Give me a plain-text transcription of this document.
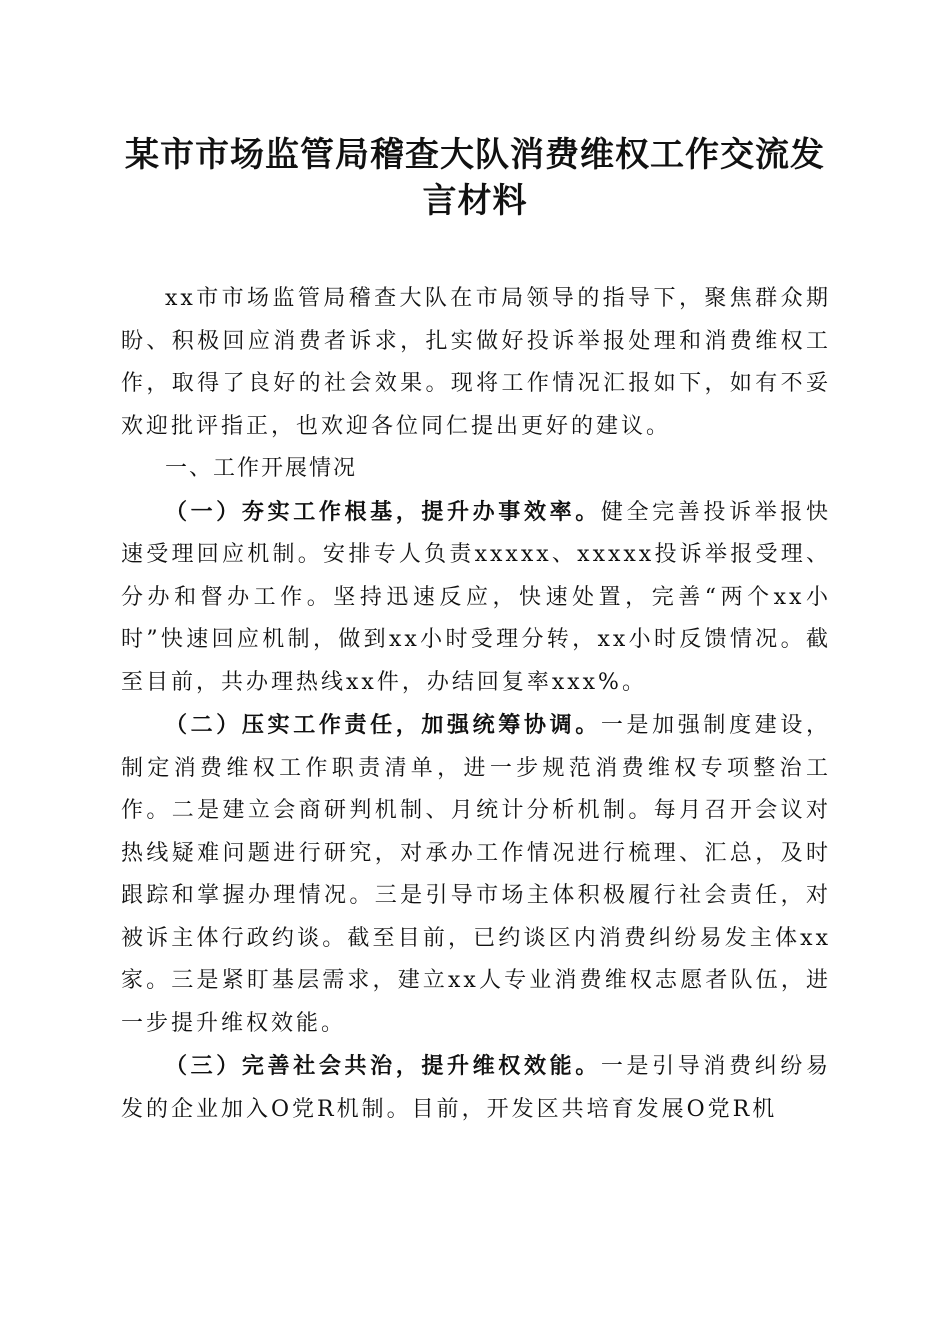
某市市场监管局稽查大队消费维权工作交流发言材料

xx市市场监管局稽查大队在市局领导的指导下，聚焦群众期盼、积极回应消费者诉求，扎实做好投诉举报处理和消费维权工作，取得了良好的社会效果。现将工作情况汇报如下，如有不妥欢迎批评指正，也欢迎各位同仁提出更好的建议。

一、工作开展情况

（一）夯实工作根基，提升办事效率。健全完善投诉举报快速受理回应机制。安排专人负责xxxxx、xxxxx投诉举报受理、分办和督办工作。坚持迅速反应，快速处置，完善“两个xx小时”快速回应机制，做到xx小时受理分转，xx小时反馈情况。截至目前，共办理热线xx件，办结回复率xxx%。

（二）压实工作责任，加强统筹协调。一是加强制度建设，制定消费维权工作职责清单，进一步规范消费维权专项整治工作。二是建立会商研判机制、月统计分析机制。每月召开会议对热线疑难问题进行研究，对承办工作情况进行梳理、汇总，及时跟踪和掌握办理情况。三是引导市场主体积极履行社会责任，对被诉主体行政约谈。截至目前，已约谈区内消费纠纷易发主体xx家。三是紧盯基层需求，建立xx人专业消费维权志愿者队伍，进一步提升维权效能。

（三）完善社会共治，提升维权效能。一是引导消费纠纷易发的企业加入O党R机制。目前，开发区共培育发展O党R机
